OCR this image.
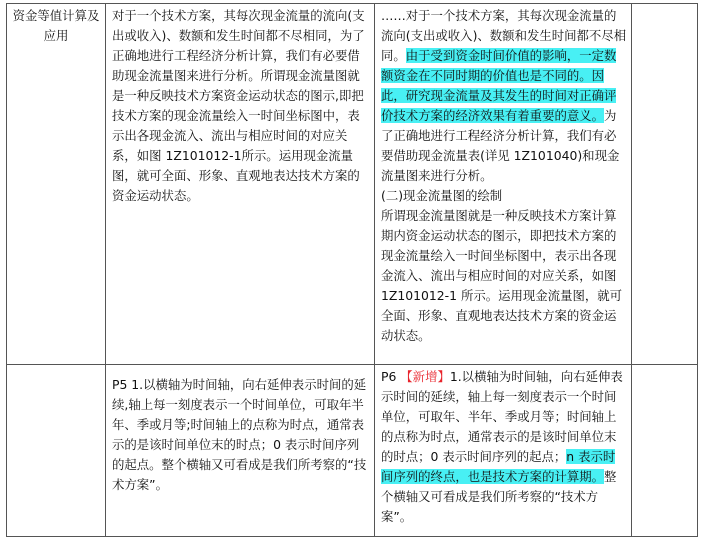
资金等值计算及应用	对于一个技术方案，其每次现金流量的流向(支出或收入)、数额和发生时间都不尽相同，为了正确地进行工程经济分析计算，我们有必要借助现金流量图来进行分析。所谓现金流量图就是一种反映技术方案资金运动状态的图示,即把技术方案的现金流量绘入一时间坐标图中，表示出各现金流入、流出与相应时间的对应关系，如图 1Z101012-1所示。运用现金流量图，就可全面、形象、直观地表达技术方案的资金运动状态。	……对于一个技术方案，其每次现金流量的流向(支出或收入)、数额和发生时间都不尽相同。由于受到资金时间价值的影响，一定数额资金在不同时期的价值也是不同的。因此，研究现金流量及其发生的时间对正确评价技术方案的经济效果有着重要的意义。为了正确地进行工程经济分析计算，我们有必要借助现金流量表(详见 1Z101040)和现金流量图来进行分析。
(二)现金流量图的绘制
所谓现金流量图就是一种反映技术方案计算期内资金运动状态的图示，即把技术方案的现金流量绘入一时间坐标图中，表示出各现金流入、流出与相应时间的对应关系，如图 1Z101012-1 所示。运用现金流量图，就可全面、形象、直观地表达技术方案的资金运动状态。	
	P5 1.以横轴为时间轴，向右延伸表示时间的延续,轴上每一刻度表示一个时间单位，可取年半年、季或月等;时间轴上的点称为时点，通常表示的是该时间单位末的时点；0 表示时间序列的起点。整个横轴又可看成是我们所考察的“技术方案”。	P6 【新增】1.以横轴为时间轴，向右延伸表示时间的延续，轴上每一刻度表示一个时间单位，可取年、半年、季或月等；时间轴上的点称为时点，通常表示的是该时间单位末的时点；0 表示时间序列的起点；n 表示时间序列的终点，也是技术方案的计算期。整个横轴又可看成是我们所考察的“技术方案”。	
